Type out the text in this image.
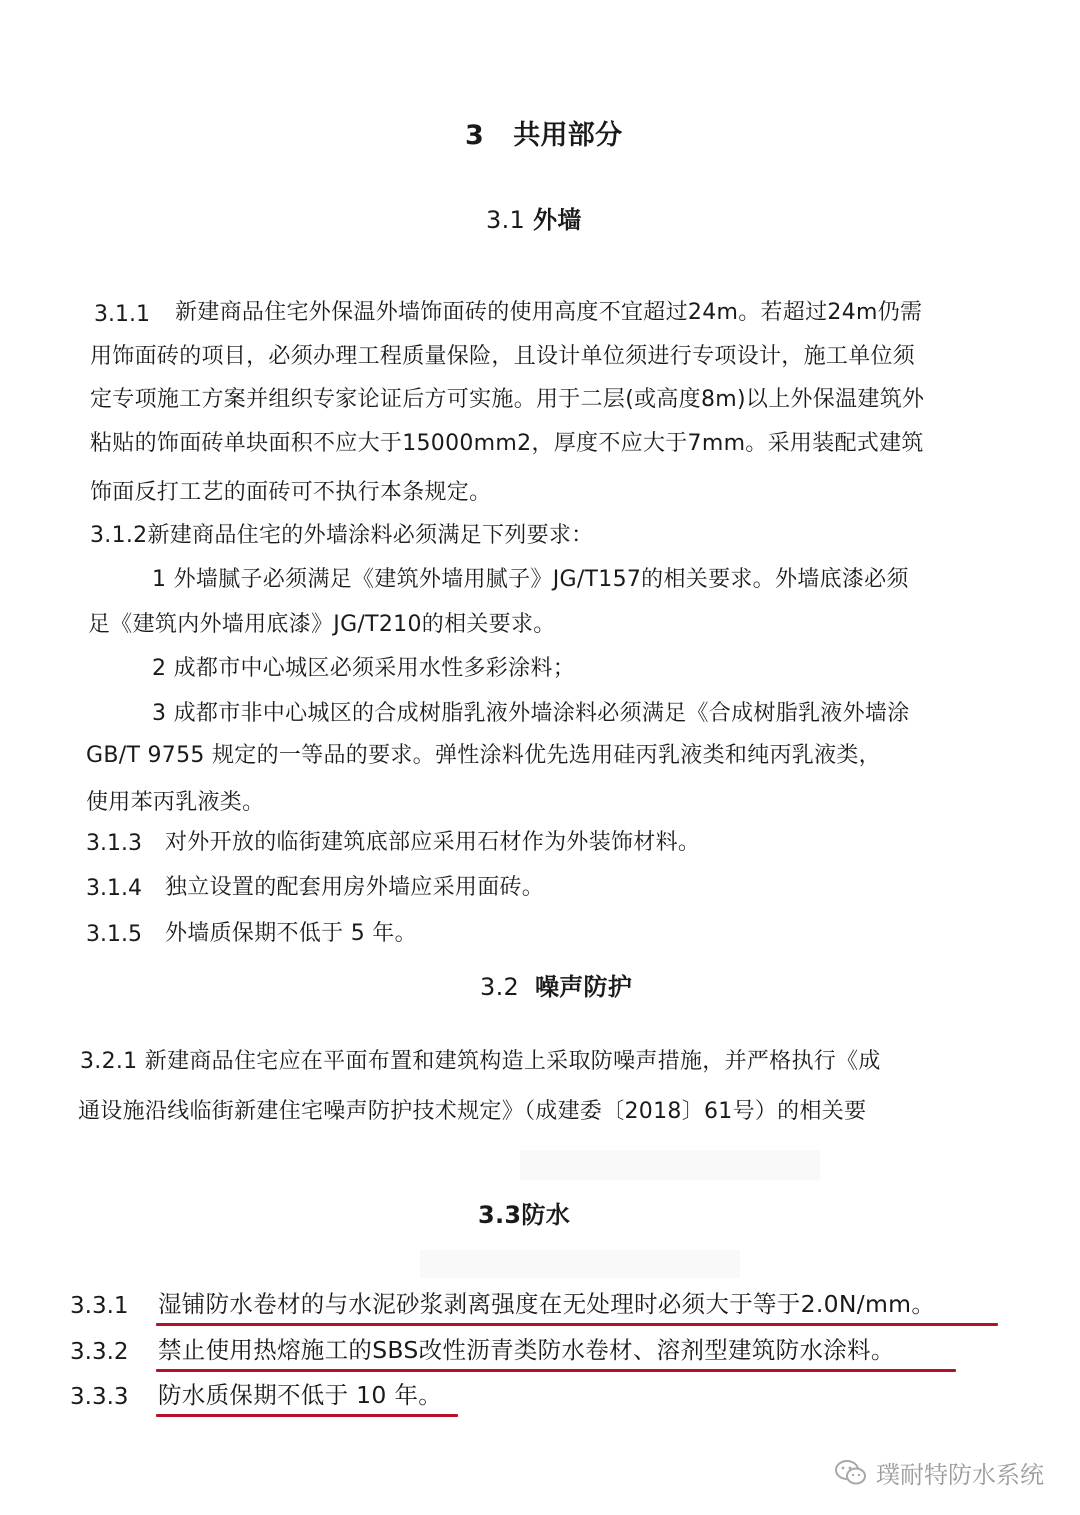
3 共用部分
3.1 外墙
3.1.1 新建商品住宅外保温外墙饰面砖的使用高度不宜超过24m。若超过24m仍需
用饰面砖的项目，必须办理工程质量保险，且设计单位须进行专项设计，施工单位须
定专项施工方案并组织专家论证后方可实施。用于二层(或高度8m)以上外保温建筑外
粘贴的饰面砖单块面积不应大于15000mm2，厚度不应大于7mm。采用装配式建筑
饰面反打工艺的面砖可不执行本条规定。
3.1.2新建商品住宅的外墙涂料必须满足下列要求：
1 外墙腻子必须满足《建筑外墙用腻子》JG/T157的相关要求。外墙底漆必须
足《建筑内外墙用底漆》JG/T210的相关要求。
2 成都市中心城区必须采用水性多彩涂料；
3 成都市非中心城区的合成树脂乳液外墙涂料必须满足《合成树脂乳液外墙涂
GB/T 9755 规定的一等品的要求。弹性涂料优先选用硅丙乳液类和纯丙乳液类，
使用苯丙乳液类。
3.1.3 对外开放的临街建筑底部应采用石材作为外装饰材料。
3.1.4 独立设置的配套用房外墙应采用面砖。
3.1.5 外墙质保期不低于 5 年。
3.2 噪声防护
3.2.1 新建商品住宅应在平面布置和建筑构造上采取防噪声措施，并严格执行《成
通设施沿线临街新建住宅噪声防护技术规定》（成建委〔2018〕61号）的相关要
3.3防水
3.3.1 湿铺防水卷材的与水泥砂浆剥离强度在无处理时必须大于等于2.0N/mm。
3.3.2 禁止使用热熔施工的SBS改性沥青类防水卷材、溶剂型建筑防水涂料。
3.3.3 防水质保期不低于 10 年。
璞耐特防水系统
